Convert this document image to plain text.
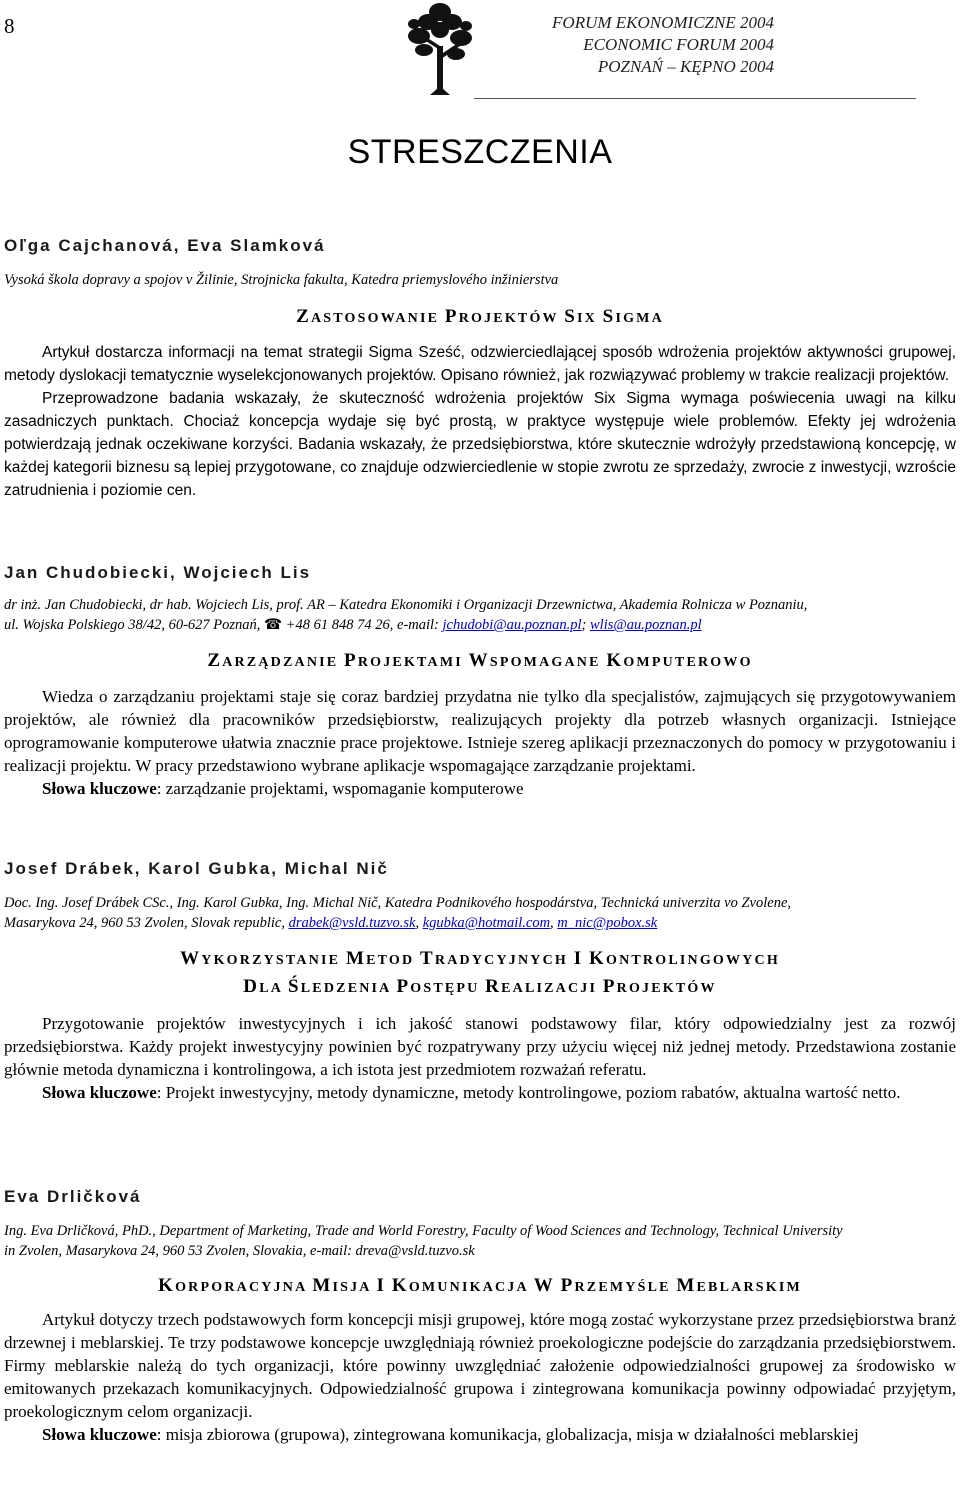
8	FORUM EKONOMICZNE 2004
ECONOMIC FORUM 2004
POZNAŃ – KĘPNO 2004
STRESZCZENIA
Oľga Cajchanová, Eva Slamková
Vysoká škola dopravy a spojov v Žilinie, Strojnicka fakulta, Katedra priemyslového inžinierstva
ZASTOSOWANIE PROJEKTÓW SIX SIGMA

Artykuł dostarcza informacji na temat strategii Sigma Sześć, odzwierciedlającej sposób wdrożenia projektów aktywności grupowej, metody dyslokacji tematycznie wyselekcjonowanych projektów. Opisano również, jak rozwiązywać problemy w trakcie realizacji projektów.

Przeprowadzone badania wskazały, że skuteczność wdrożenia projektów Six Sigma wymaga poświecenia uwagi na kilku zasadniczych punktach. Chociaż koncepcja wydaje się być prostą, w praktyce występuje wiele problemów. Efekty jej wdrożenia potwierdzają jednak oczekiwane korzyści. Badania wskazały, że przedsiębiorstwa, które skutecznie wdrożyły przedstawioną koncepcję, w każdej kategorii biznesu są lepiej przygotowane, co znajduje odzwierciedlenie w stopie zwrotu ze sprzedaży, zwrocie z inwestycji, wzroście zatrudnienia i poziomie cen.

Jan Chudobiecki, Wojciech Lis
dr inż. Jan Chudobiecki, dr hab. Wojciech Lis, prof. AR – Katedra Ekonomiki i Organizacji Drzewnictwa, Akademia Rolnicza w Poznaniu,
ul. Wojska Polskiego 38/42, 60-627 Poznań, ☎ +48 61 848 74 26, e-mail: jchudobi@au.poznan.pl; wlis@au.poznan.pl
ZARZĄDZANIE PROJEKTAMI WSPOMAGANE KOMPUTEROWO

Wiedza o zarządzaniu projektami staje się coraz bardziej przydatna nie tylko dla specjalistów, zajmujących się przygotowywaniem projektów, ale również dla pracowników przedsiębiorstw, realizujących projekty dla potrzeb własnych organizacji. Istniejące oprogramowanie komputerowe ułatwia znacznie prace projektowe. Istnieje szereg aplikacji przeznaczonych do pomocy w przygotowaniu i realizacji projektu. W pracy przedstawiono wybrane aplikacje wspomagające zarządzanie projektami.

Słowa kluczowe: zarządzanie projektami, wspomaganie komputerowe

Josef Drábek, Karol Gubka, Michal Nič
Doc. Ing. Josef Drábek CSc., Ing. Karol Gubka, Ing. Michal Nič, Katedra Podnikového hospodárstva, Technická univerzita vo Zvolene,
Masarykova 24, 960 53 Zvolen, Slovak republic, drabek@vsld.tuzvo.sk, kgubka@hotmail.com, m_nic@pobox.sk
WYKORZYSTANIE METOD TRADYCYJNYCH I KONTROLINGOWYCH
DLA ŚLEDZENIA POSTĘPU REALIZACJI PROJEKTÓW

Przygotowanie projektów inwestycyjnych i ich jakość stanowi podstawowy filar, który odpowiedzialny jest za rozwój przedsiębiorstwa. Każdy projekt inwestycyjny powinien być rozpatrywany przy użyciu więcej niż jednej metody. Przedstawiona zostanie głównie metoda dynamiczna i kontrolingowa, a ich istota jest przedmiotem rozważań referatu.

Słowa kluczowe: Projekt inwestycyjny, metody dynamiczne, metody kontrolingowe, poziom rabatów, aktualna wartość netto.

Eva Drličková
Ing. Eva Drličková, PhD., Department of Marketing, Trade and World Forestry, Faculty of Wood Sciences and Technology, Technical University
in Zvolen, Masarykova 24, 960 53 Zvolen, Slovakia, e-mail: dreva@vsld.tuzvo.sk
KORPORACYJNA MISJA I KOMUNIKACJA W PRZEMYŚLE MEBLARSKIM

Artykuł dotyczy trzech podstawowych form koncepcji misji grupowej, które mogą zostać wykorzystane przez przedsiębiorstwa branż drzewnej i meblarskiej. Te trzy podstawowe koncepcje uwzględniają również proekologiczne podejście do zarządzania przedsiębiorstwem. Firmy meblarskie należą do tych organizacji, które powinny uwzględniać założenie odpowiedzialności grupowej za środowisko w emitowanych przekazach komunikacyjnych. Odpowiedzialność grupowa i zintegrowana komunikacja powinny odpowiadać przyjętym, proekologicznym celom organizacji.

Słowa kluczowe: misja zbiorowa (grupowa), zintegrowana komunikacja, globalizacja, misja w działalności meblarskiej
